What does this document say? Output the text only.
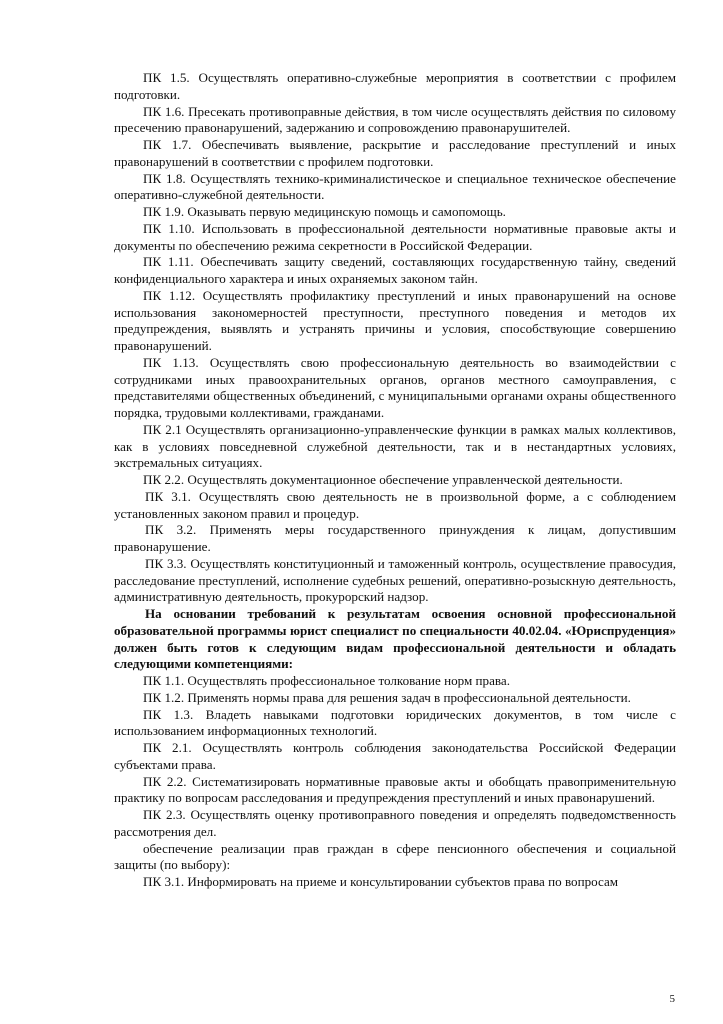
ПК 1.5. Осуществлять оперативно-служебные мероприятия в соответствии с профилем подготовки.

ПК 1.6. Пресекать противоправные действия, в том числе осуществлять действия по силовому пресечению правонарушений, задержанию и сопровождению правонарушителей.

ПК 1.7. Обеспечивать выявление, раскрытие и расследование преступлений и иных правонарушений в соответствии с профилем подготовки.

ПК 1.8. Осуществлять технико-криминалистическое и специальное техническое обеспечение оперативно-служебной деятельности.

ПК 1.9. Оказывать первую медицинскую помощь и самопомощь.

ПК 1.10. Использовать в профессиональной деятельности нормативные правовые акты и документы по обеспечению режима секретности в Российской Федерации.

ПК 1.11. Обеспечивать защиту сведений, составляющих государственную тайну, сведений конфиденциального характера и иных охраняемых законом тайн.

ПК 1.12. Осуществлять профилактику преступлений и иных правонарушений на основе использования закономерностей преступности, преступного поведения и методов их предупреждения, выявлять и устранять причины и условия, способствующие совершению правонарушений.

ПК 1.13. Осуществлять свою профессиональную деятельность во взаимодействии с сотрудниками иных правоохранительных органов, органов местного самоуправления, с представителями общественных объединений, с муниципальными органами охраны общественного порядка, трудовыми коллективами, гражданами.

ПК 2.1 Осуществлять организационно-управленческие функции в рамках малых коллективов, как в условиях повседневной служебной деятельности, так и в нестандартных условиях, экстремальных ситуациях.

ПК 2.2. Осуществлять документационное обеспечение управленческой деятельности.

ПК 3.1. Осуществлять свою деятельность не в произвольной форме, а с соблюдением установленных законом правил и процедур.

ПК 3.2. Применять меры государственного принуждения к лицам, допустившим правонарушение.

ПК 3.3. Осуществлять конституционный и таможенный контроль, осуществление правосудия, расследование преступлений, исполнение судебных решений, оперативно-розыскную деятельность, административную деятельность, прокурорский надзор.

На основании требований к результатам освоения основной профессиональной образовательной программы юрист специалист по специальности 40.02.04. «Юриспруденция» должен быть готов к следующим видам профессиональной деятельности и обладать следующими компетенциями:

ПК 1.1. Осуществлять профессиональное толкование норм права.

ПК 1.2. Применять нормы права для решения задач в профессиональной деятельности.

ПК 1.3. Владеть навыками подготовки юридических документов, в том числе с использованием информационных технологий.

ПК 2.1. Осуществлять контроль соблюдения законодательства Российской Федерации субъектами права.

ПК 2.2. Систематизировать нормативные правовые акты и обобщать правоприменительную практику по вопросам расследования и предупреждения преступлений и иных правонарушений.

ПК 2.3. Осуществлять оценку противоправного поведения и определять подведомственность рассмотрения дел.

обеспечение реализации прав граждан в сфере пенсионного обеспечения и социальной защиты (по выбору):

ПК 3.1. Информировать на приеме и консультировании субъектов права по вопросам

5
